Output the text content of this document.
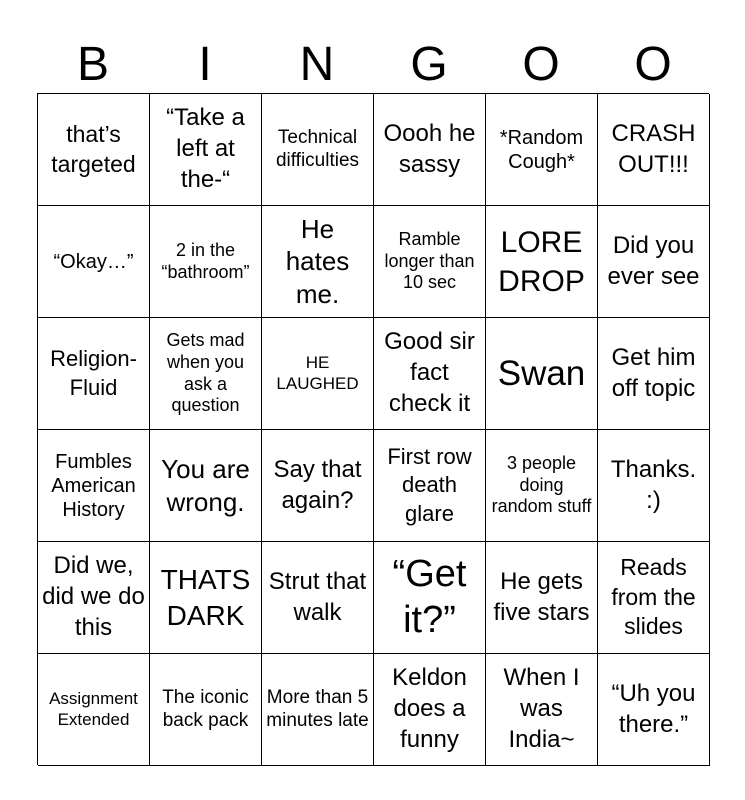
B	I	N	G	O	O
that’s targeted
“Take a left at the-“
Technical difficulties
Oooh he sassy
*Random Cough*
CRASH OUT!!!
“Okay…”
2 in the “bathroom”
He hates me.
Ramble longer than 10 sec
LORE DROP
Did you ever see
Religion-Fluid
Gets mad when you ask a question
HE LAUGHED
Good sir fact check it
Swan	Get him off topic
Fumbles American History
You are wrong.
Say that again?
First row death glare
3 people doing random stuff
Thanks. :)
Did we, did we do this
THATS DARK
Strut that walk
“Get it?”
He gets five stars
Reads from the slides
Assignment Extended
The iconic back pack
More than 5 minutes late
Keldon does a funny
When I was India~
“Uh you there.”
